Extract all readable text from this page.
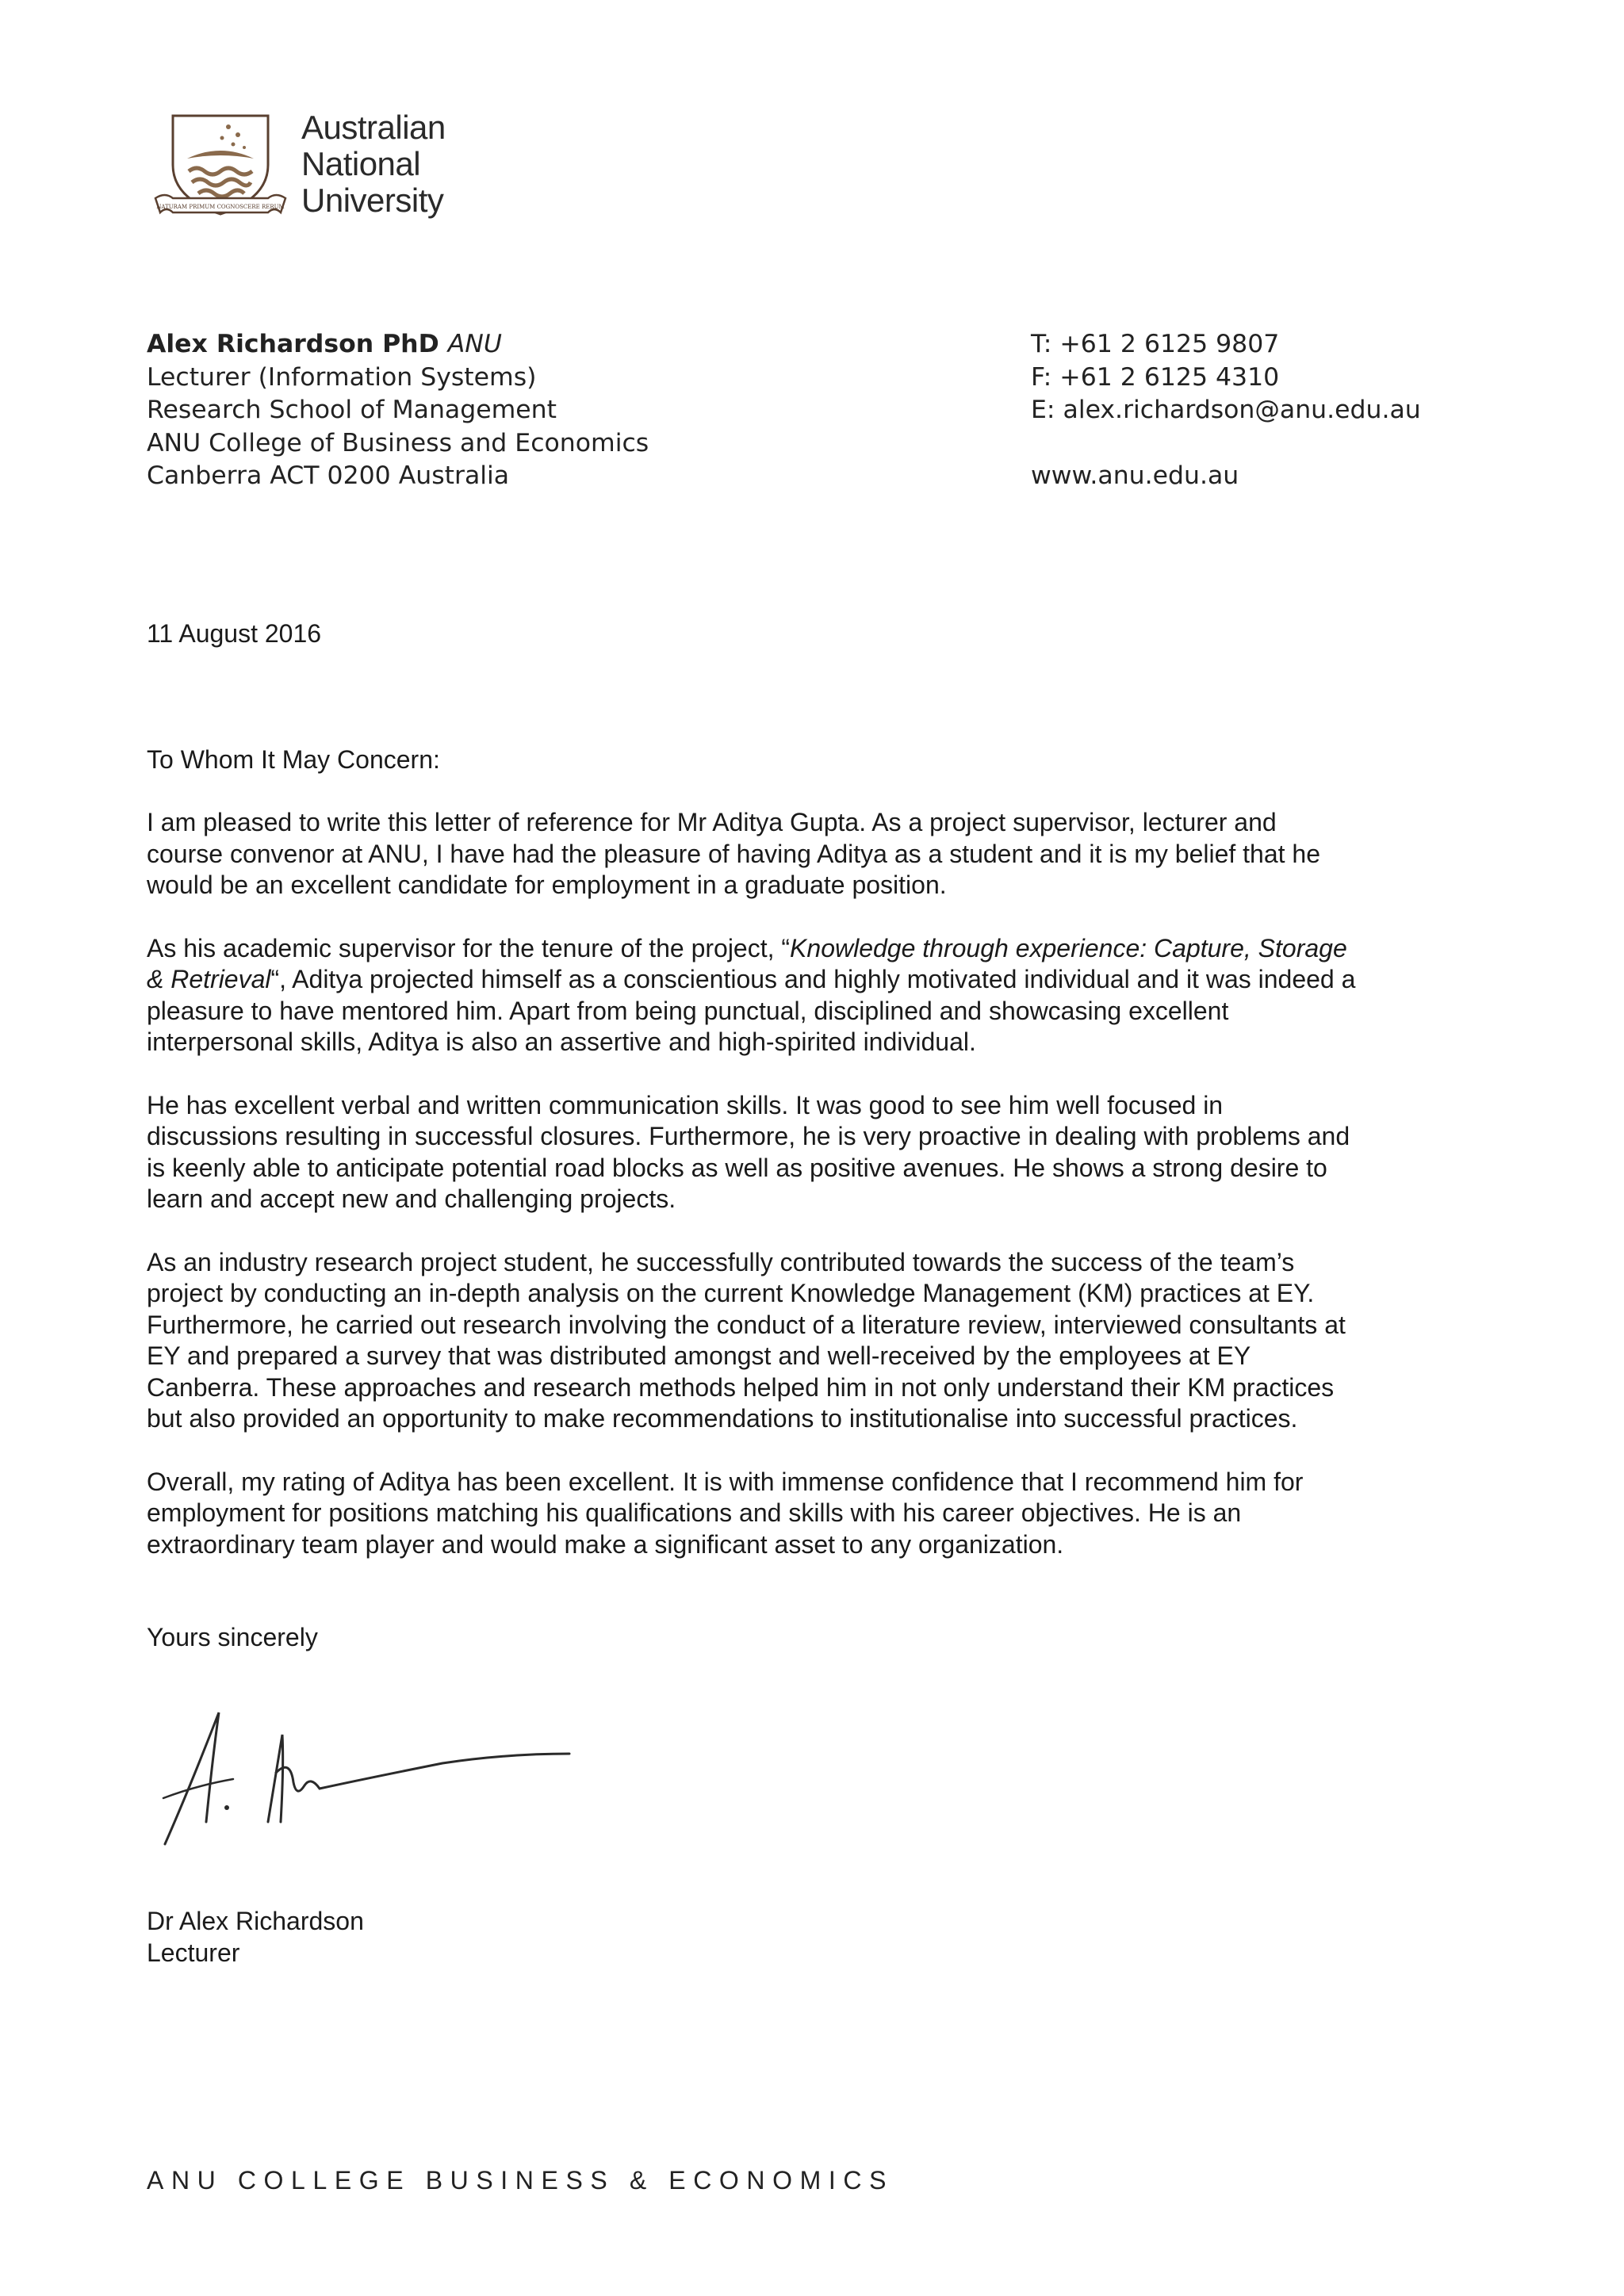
NATURAM PRIMUM COGNOSCERE RERUM
Australian
National
University
Alex Richardson PhD ANU
Lecturer (Information Systems)
Research School of Management
ANU College of Business and Economics
Canberra ACT 0200 Australia
T: +61 2 6125 9807
F: +61 2 6125 4310
E: alex.richardson@anu.edu.au
www.anu.edu.au
11 August 2016
To Whom It May Concern:

I am pleased to write this letter of reference for Mr Aditya Gupta. As a project supervisor, lecturer and
course convenor at ANU, I have had the pleasure of having Aditya as a student and it is my belief that he
would be an excellent candidate for employment in a graduate position.

As his academic supervisor for the tenure of the project, “Knowledge through experience: Capture, Storage
& Retrieval“, Aditya projected himself as a conscientious and highly motivated individual and it was indeed a
pleasure to have mentored him. Apart from being punctual, disciplined and showcasing excellent
interpersonal skills, Aditya is also an assertive and high-spirited individual.

He has excellent verbal and written communication skills. It was good to see him well focused in
discussions resulting in successful closures. Furthermore, he is very proactive in dealing with problems and
is keenly able to anticipate potential road blocks as well as positive avenues. He shows a strong desire to
learn and accept new and challenging projects.

As an industry research project student, he successfully contributed towards the success of the team’s
project by conducting an in-depth analysis on the current Knowledge Management (KM) practices at EY.
Furthermore, he carried out research involving the conduct of a literature review, interviewed consultants at
EY and prepared a survey that was distributed amongst and well-received by the employees at EY
Canberra. These approaches and research methods helped him in not only understand their KM practices
but also provided an opportunity to make recommendations to institutionalise into successful practices.

Overall, my rating of Aditya has been excellent. It is with immense confidence that I recommend him for
employment for positions matching his qualifications and skills with his career objectives. He is an
extraordinary team player and would make a significant asset to any organization.

Yours sincerely
Dr Alex Richardson
Lecturer
ANU COLLEGE BUSINESS & ECONOMICS
